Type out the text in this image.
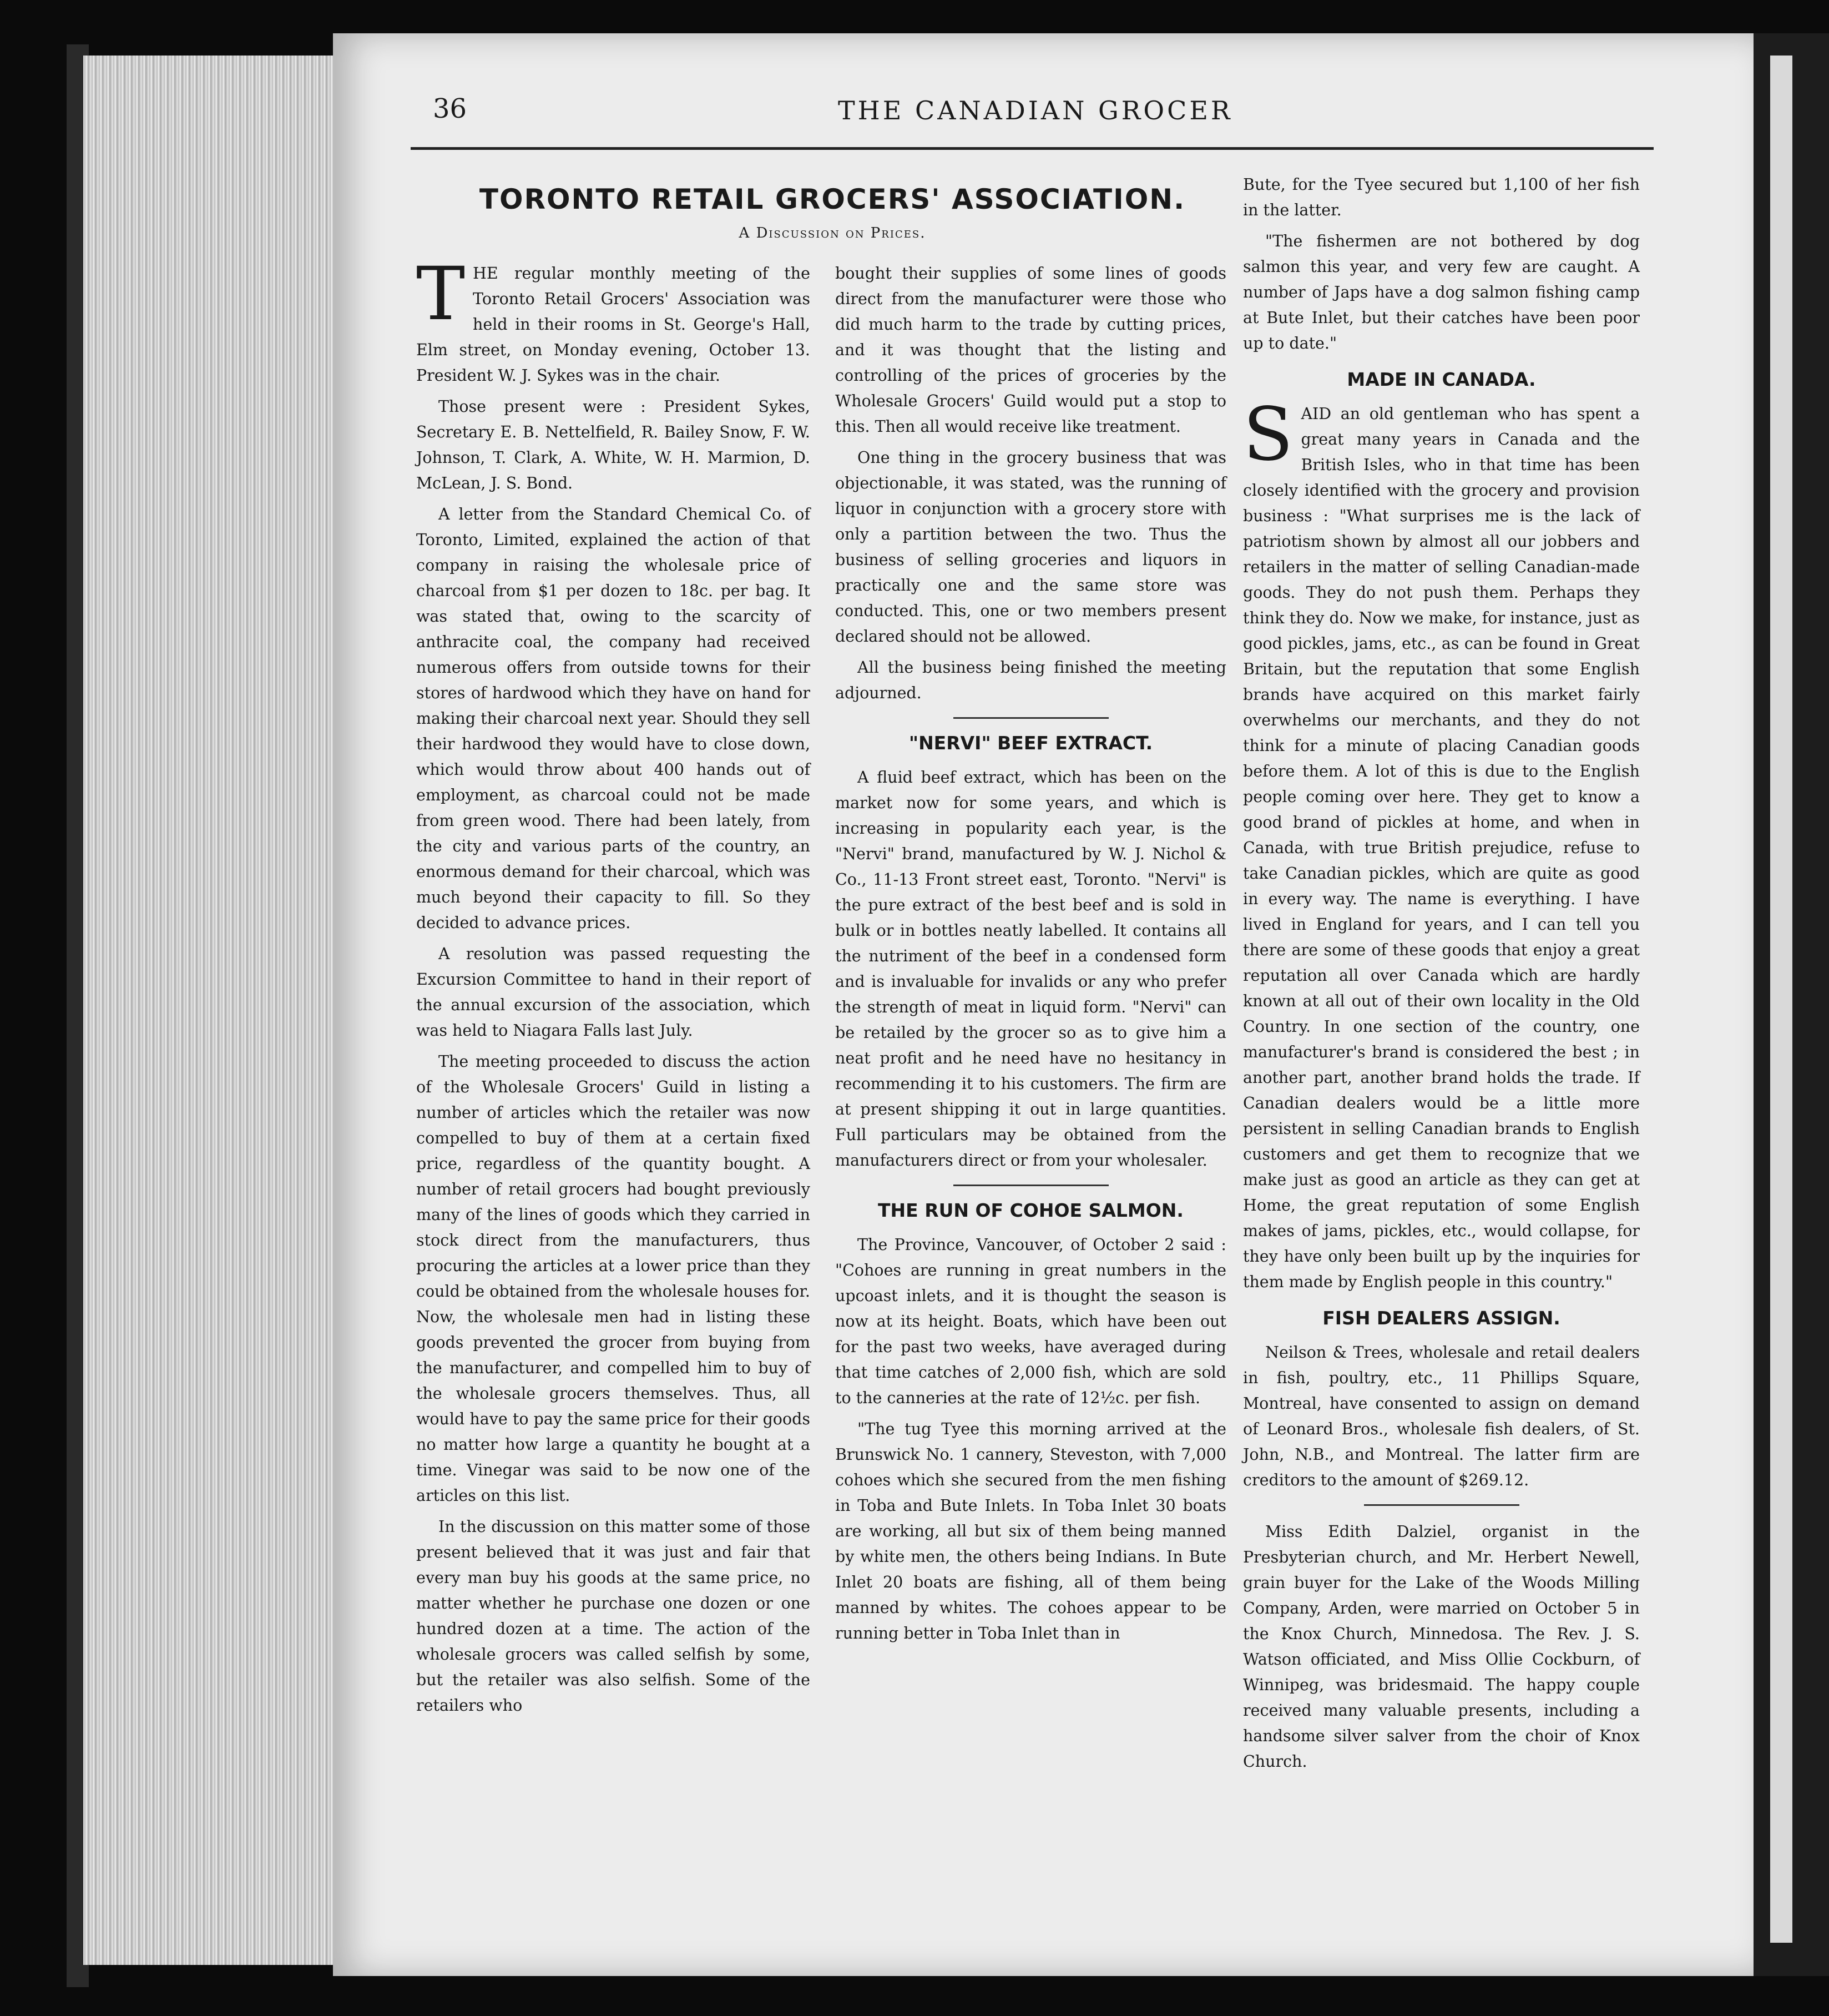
36	THE CANADIAN GROCER
TORONTO RETAIL GROCERS' ASSOCIATION.
A Discussion on Prices.

THE regular monthly meeting of the Toronto Retail Grocers' Association was held in their rooms in St. George's Hall, Elm street, on Monday evening, October 13. President W. J. Sykes was in the chair.

Those present were : President Sykes, Secretary E. B. Nettelfield, R. Bailey Snow, F. W. Johnson, T. Clark, A. White, W. H. Marmion, D. McLean, J. S. Bond.

A letter from the Standard Chemical Co. of Toronto, Limited, explained the action of that company in raising the wholesale price of charcoal from $1 per dozen to 18c. per bag. It was stated that, owing to the scarcity of anthracite coal, the company had received numerous offers from outside towns for their stores of hardwood which they have on hand for making their charcoal next year. Should they sell their hardwood they would have to close down, which would throw about 400 hands out of employment, as charcoal could not be made from green wood. There had been lately, from the city and various parts of the country, an enormous demand for their charcoal, which was much beyond their capacity to fill. So they decided to advance prices.

A resolution was passed requesting the Excursion Committee to hand in their report of the annual excursion of the association, which was held to Niagara Falls last July.

The meeting proceeded to discuss the action of the Wholesale Grocers' Guild in listing a number of articles which the retailer was now compelled to buy of them at a certain fixed price, regardless of the quantity bought. A number of retail grocers had bought previously many of the lines of goods which they carried in stock direct from the manufacturers, thus procuring the articles at a lower price than they could be obtained from the wholesale houses for. Now, the wholesale men had in listing these goods prevented the grocer from buying from the manufacturer, and compelled him to buy of the wholesale grocers themselves. Thus, all would have to pay the same price for their goods no matter how large a quantity he bought at a time. Vinegar was said to be now one of the articles on this list.

In the discussion on this matter some of those present believed that it was just and fair that every man buy his goods at the same price, no matter whether he purchase one dozen or one hundred dozen at a time. The action of the wholesale grocers was called selfish by some, but the retailer was also selfish. Some of the retailers who

bought their supplies of some lines of goods direct from the manufacturer were those who did much harm to the trade by cutting prices, and it was thought that the listing and controlling of the prices of groceries by the Wholesale Grocers' Guild would put a stop to this. Then all would receive like treatment.

One thing in the grocery business that was objectionable, it was stated, was the running of liquor in conjunction with a grocery store with only a partition between the two. Thus the business of selling groceries and liquors in practically one and the same store was conducted. This, one or two members present declared should not be allowed.

All the business being finished the meeting adjourned.

"NERVI" BEEF EXTRACT.

A fluid beef extract, which has been on the market now for some years, and which is increasing in popularity each year, is the "Nervi" brand, manufactured by W. J. Nichol & Co., 11-13 Front street east, Toronto. "Nervi" is the pure extract of the best beef and is sold in bulk or in bottles neatly labelled. It contains all the nutriment of the beef in a condensed form and is invaluable for invalids or any who prefer the strength of meat in liquid form. "Nervi" can be retailed by the grocer so as to give him a neat profit and he need have no hesitancy in recommending it to his customers. The firm are at present shipping it out in large quantities. Full particulars may be obtained from the manufacturers direct or from your wholesaler.

THE RUN OF COHOE SALMON.

The Province, Vancouver, of October 2 said : "Cohoes are running in great numbers in the upcoast inlets, and it is thought the season is now at its height. Boats, which have been out for the past two weeks, have averaged during that time catches of 2,000 fish, which are sold to the canneries at the rate of 12½c. per fish.

"The tug Tyee this morning arrived at the Brunswick No. 1 cannery, Steveston, with 7,000 cohoes which she secured from the men fishing in Toba and Bute Inlets. In Toba Inlet 30 boats are working, all but six of them being manned by white men, the others being Indians. In Bute Inlet 20 boats are fishing, all of them being manned by whites. The cohoes appear to be running better in Toba Inlet than in

Bute, for the Tyee secured but 1,100 of her fish in the latter.

"The fishermen are not bothered by dog salmon this year, and very few are caught. A number of Japs have a dog salmon fishing camp at Bute Inlet, but their catches have been poor up to date."

MADE IN CANADA.

SAID an old gentleman who has spent a great many years in Canada and the British Isles, who in that time has been closely identified with the grocery and provision business : "What surprises me is the lack of patriotism shown by almost all our jobbers and retailers in the matter of selling Canadian-made goods. They do not push them. Perhaps they think they do. Now we make, for instance, just as good pickles, jams, etc., as can be found in Great Britain, but the reputation that some English brands have acquired on this market fairly overwhelms our merchants, and they do not think for a minute of placing Canadian goods before them. A lot of this is due to the English people coming over here. They get to know a good brand of pickles at home, and when in Canada, with true British prejudice, refuse to take Canadian pickles, which are quite as good in every way. The name is everything. I have lived in England for years, and I can tell you there are some of these goods that enjoy a great reputation all over Canada which are hardly known at all out of their own locality in the Old Country. In one section of the country, one manufacturer's brand is considered the best ; in another part, another brand holds the trade. If Canadian dealers would be a little more persistent in selling Canadian brands to English customers and get them to recognize that we make just as good an article as they can get at Home, the great reputation of some English makes of jams, pickles, etc., would collapse, for they have only been built up by the inquiries for them made by English people in this country."

FISH DEALERS ASSIGN.

Neilson & Trees, wholesale and retail dealers in fish, poultry, etc., 11 Phillips Square, Montreal, have consented to assign on demand of Leonard Bros., wholesale fish dealers, of St. John, N.B., and Montreal. The latter firm are creditors to the amount of $269.12.

Miss Edith Dalziel, organist in the Presbyterian church, and Mr. Herbert Newell, grain buyer for the Lake of the Woods Milling Company, Arden, were married on October 5 in the Knox Church, Minnedosa. The Rev. J. S. Watson officiated, and Miss Ollie Cockburn, of Winnipeg, was bridesmaid. The happy couple received many valuable presents, including a handsome silver salver from the choir of Knox Church.
